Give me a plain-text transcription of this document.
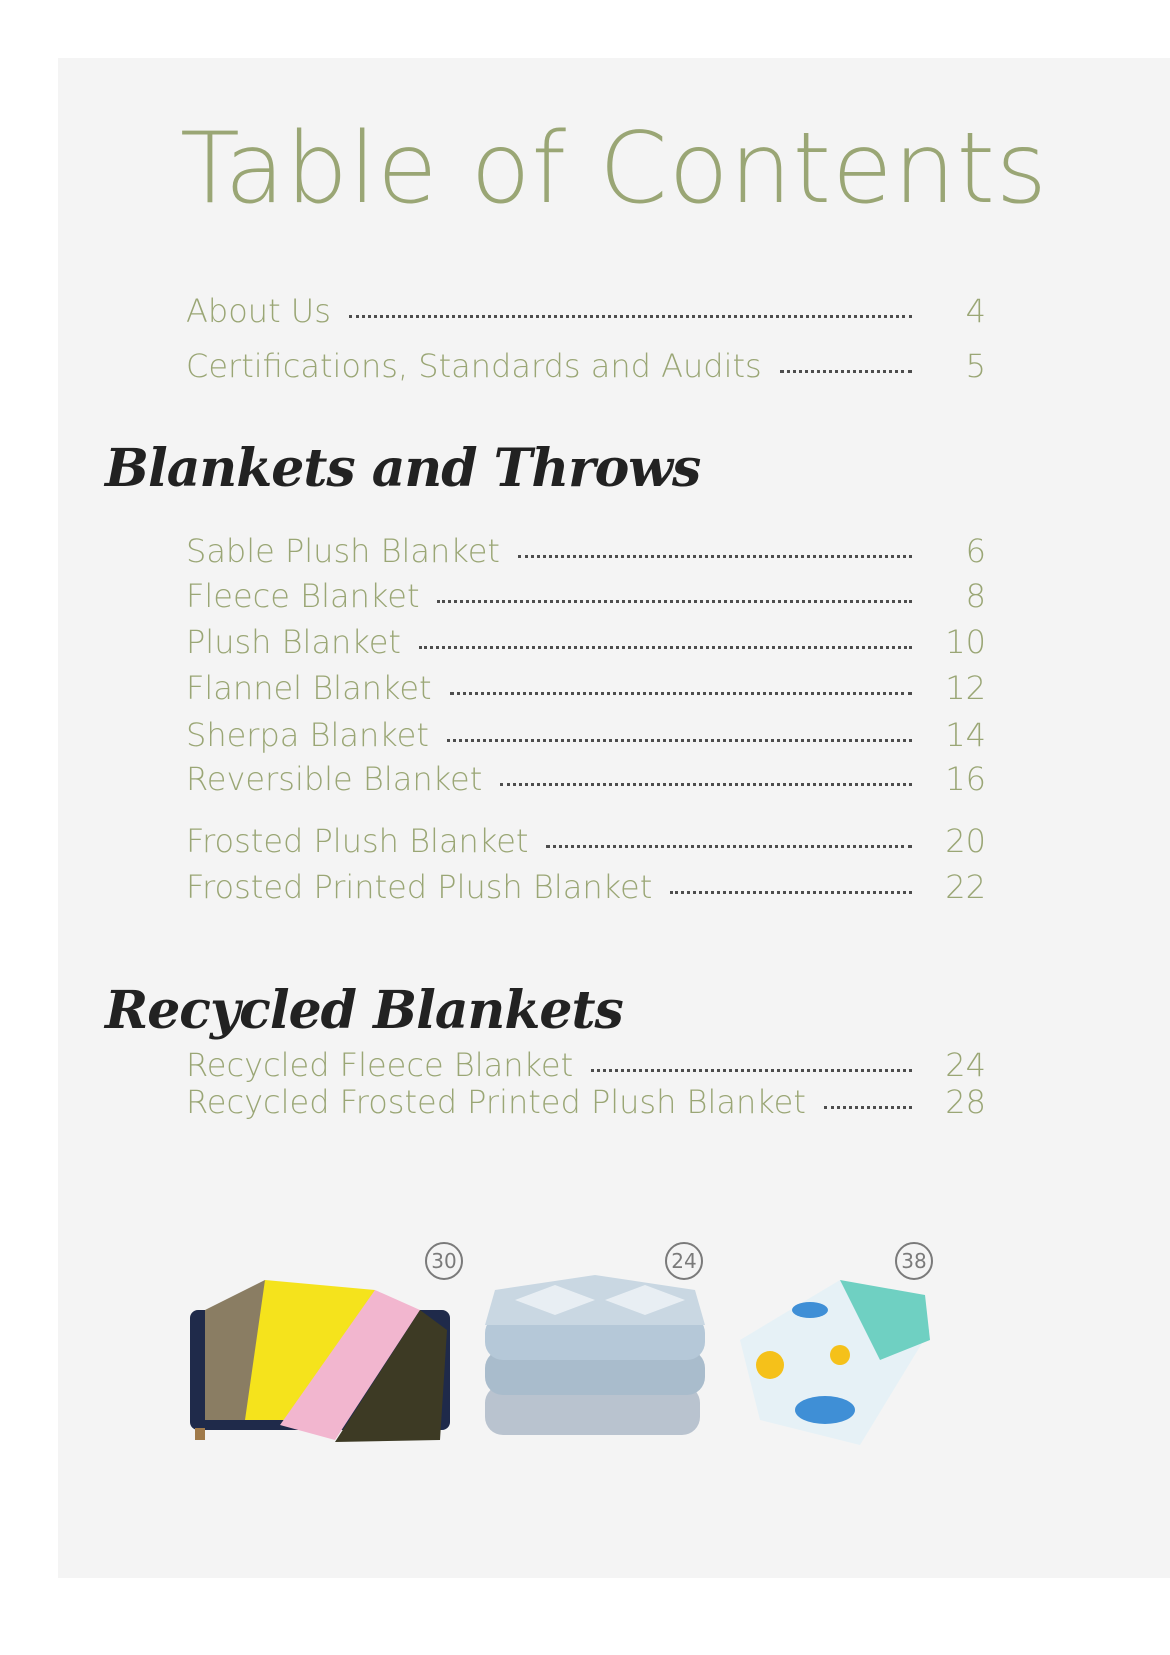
Table of Contents
About Us	4
Certifications, Standards and Audits	5
Blankets and Throws
Sable Plush Blanket	6
Fleece Blanket	8
Plush Blanket	10
Flannel Blanket	12
Sherpa Blanket	14
Reversible Blanket	16
Frosted Plush Blanket	20
Frosted Printed Plush Blanket	22
Recycled Blankets
Recycled Fleece Blanket	24
Recycled Frosted Printed Plush Blanket	28
30	24	38
